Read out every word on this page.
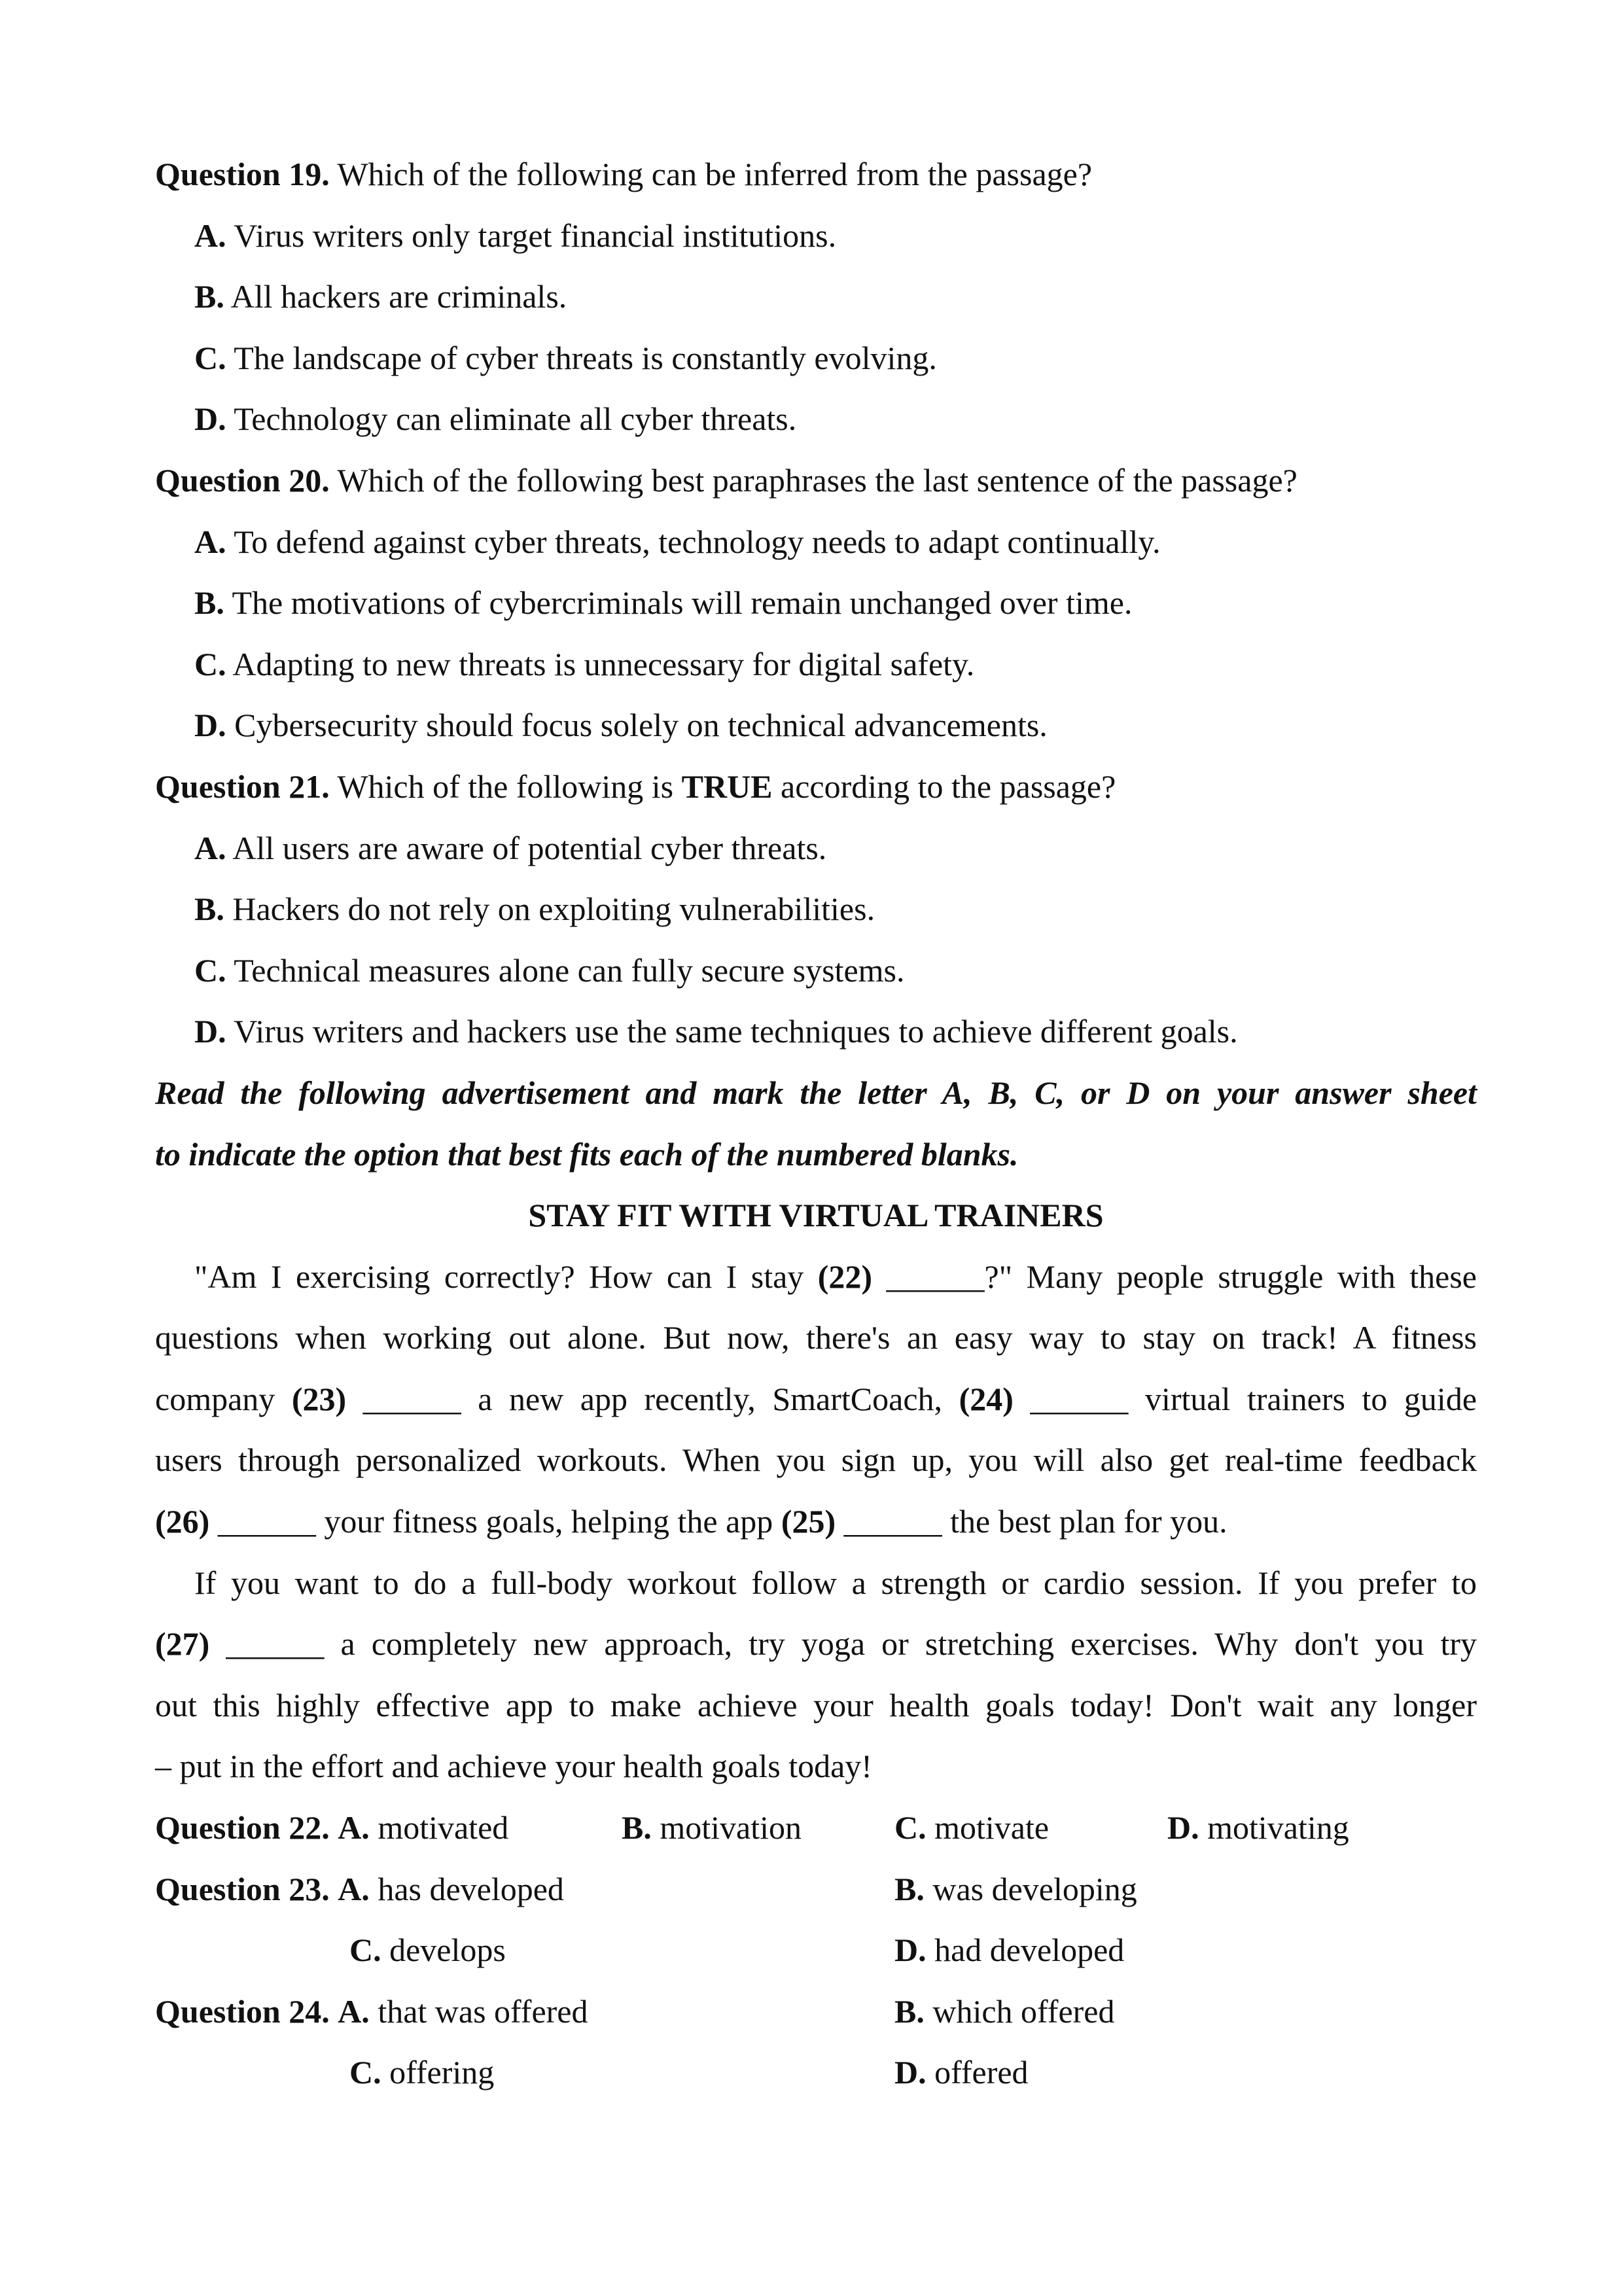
Question 19. Which of the following can be inferred from the passage?
A. Virus writers only target financial institutions.
B. All hackers are criminals.
C. The landscape of cyber threats is constantly evolving.
D. Technology can eliminate all cyber threats.
Question 20. Which of the following best paraphrases the last sentence of the passage?
A. To defend against cyber threats, technology needs to adapt continually.
B. The motivations of cybercriminals will remain unchanged over time.
C. Adapting to new threats is unnecessary for digital safety.
D. Cybersecurity should focus solely on technical advancements.
Question 21. Which of the following is TRUE according to the passage?
A. All users are aware of potential cyber threats.
B. Hackers do not rely on exploiting vulnerabilities.
C. Technical measures alone can fully secure systems.
D. Virus writers and hackers use the same techniques to achieve different goals.
Read the following advertisement and mark the letter A, B, C, or D on your answer sheet
to indicate the option that best fits each of the numbered blanks.
STAY FIT WITH VIRTUAL TRAINERS
"Am I exercising correctly? How can I stay (22) ______?" Many people struggle with these
questions when working out alone. But now, there's an easy way to stay on track! A fitness
company (23) ______ a new app recently, SmartCoach, (24) ______ virtual trainers to guide
users through personalized workouts. When you sign up, you will also get real-time feedback
(26) ______ your fitness goals, helping the app (25) ______ the best plan for you.
If you want to do a full-body workout follow a strength or cardio session. If you prefer to
(27) ______ a completely new approach, try yoga or stretching exercises. Why don't you try
out this highly effective app to make achieve your health goals today! Don't wait any longer
– put in the effort and achieve your health goals today!
Question 22. A. motivated	B. motivation	C. motivate	D. motivating
Question 23. A. has developed	B. was developing
C. develops	D. had developed
Question 24. A. that was offered	B. which offered
C. offering	D. offered
